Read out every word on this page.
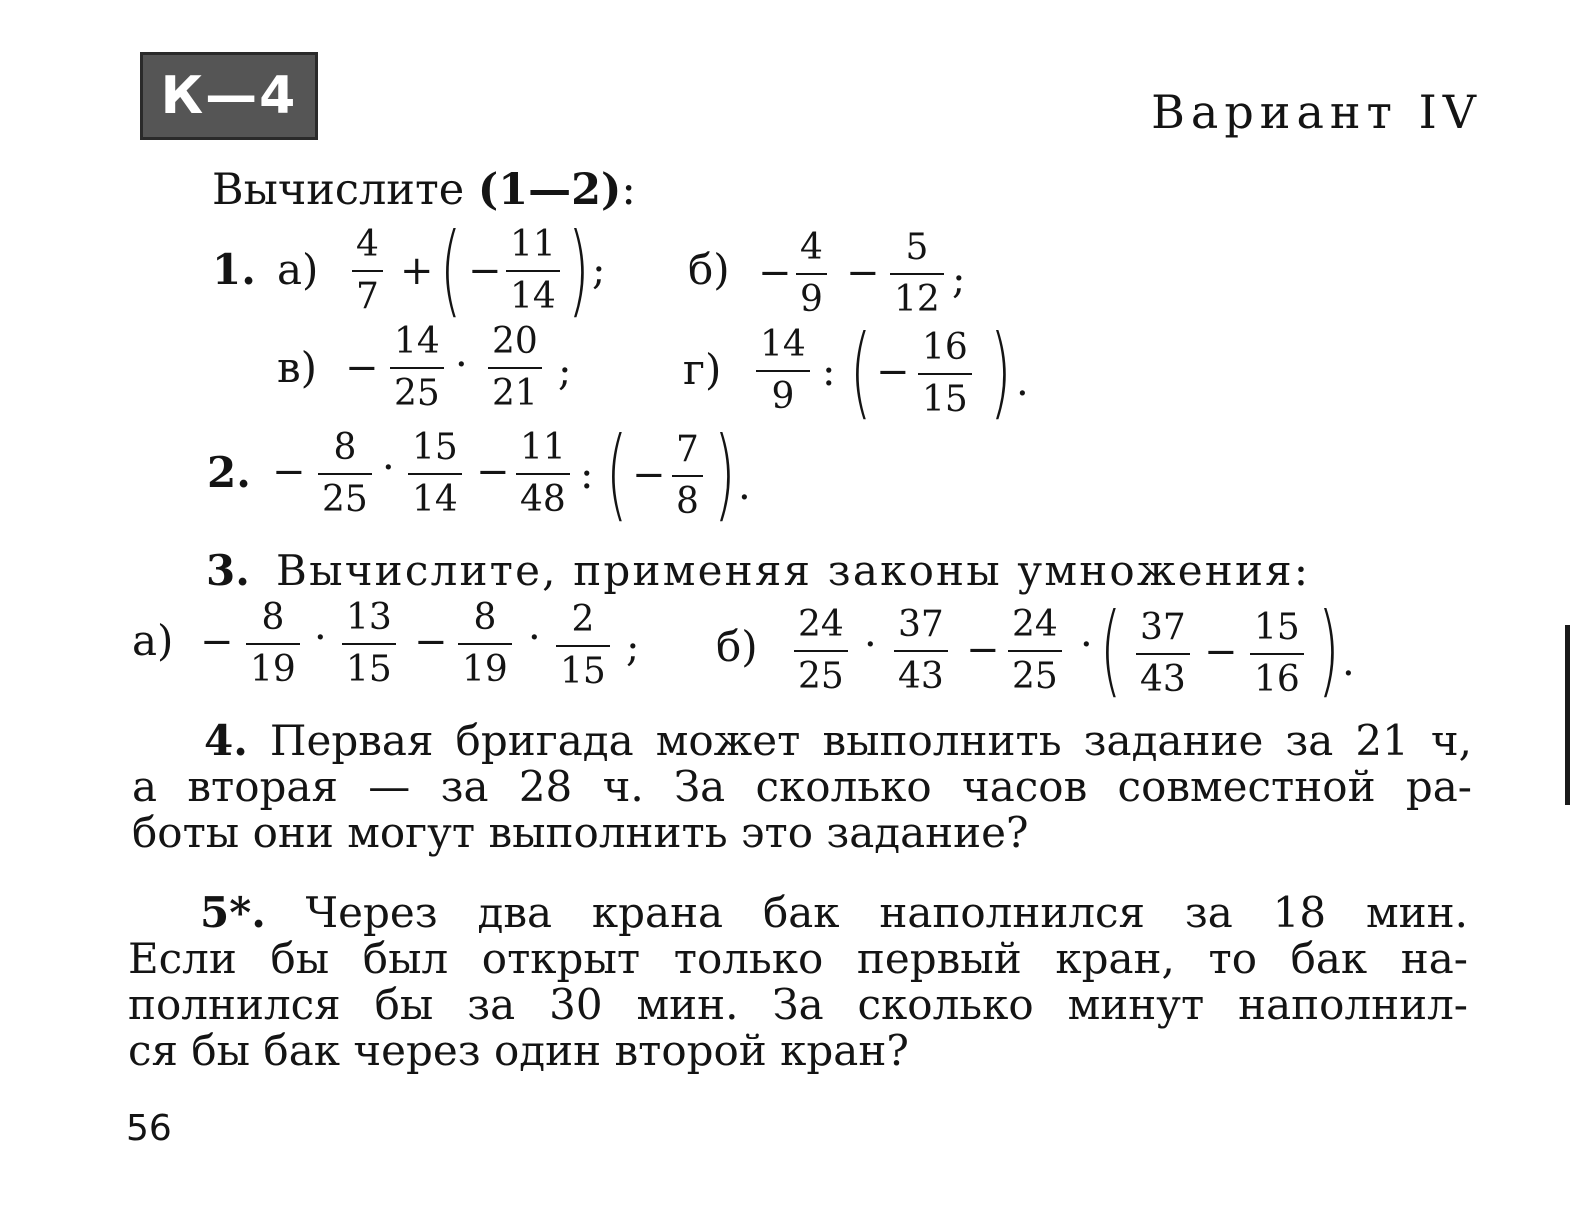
К—4	Вариант IV
Вычислите (1—2):
1. а)
4
7
+ ( −
11
14 ) ; б) −
4
9
−
5
12 ;
в) −
14
25
·
20
21 ;	г)
14
9
: ( −
16
15 ) .
2. −
8
25
· 15
14
−
11
48
: ( −
7
8 ) .
3. Вычислите, применяя законы умножения:
а) −
8
19
· 13
15
−
8
19
· 2
15
; б) 24
25
· 37
43
−
24
25
· ( 37
43
−
15
16 ) .
4. Первая бригада может выполнить задание за 21 ч,
а вторая — за 28 ч. За сколько часов совместной ра-
боты они могут выполнить это задание?
5*. Через два крана бак наполнился за 18 мин.
Если бы был открыт только первый кран, то бак на-
полнился бы за 30 мин. За сколько минут наполнил-
ся бы бак через один второй кран?
56
